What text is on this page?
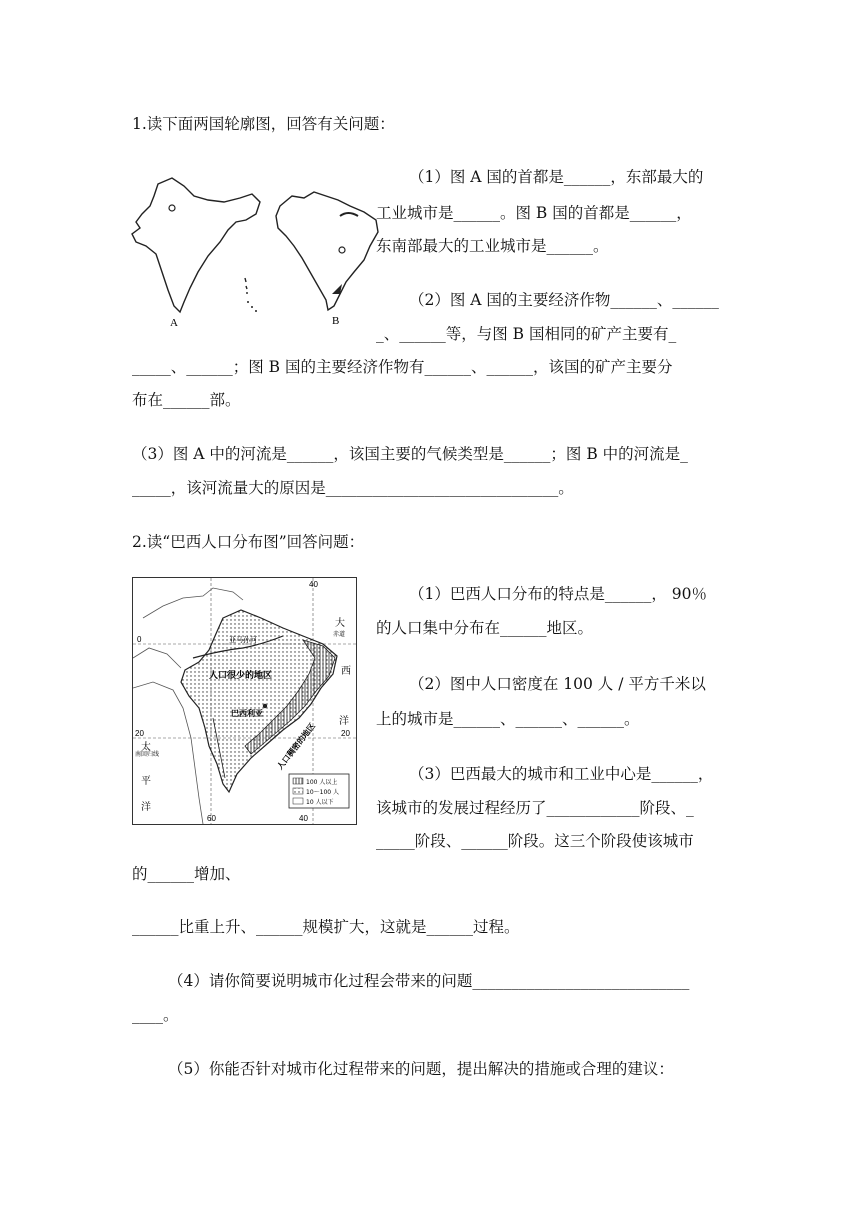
1.读下面两国轮廓图，回答有关问题：

A	B

（1）图 A 国的首都是______，东部最大的

工业城市是______。图 B 国的首都是______，

东南部最大的工业城市是______。

（2）图 A 国的主要经济作物______、______

_、______等，与图 B 国相同的矿产主要有_

_____、______；图 B 国的主要经济作物有______、______，该国的矿产主要分

布在______部。

（3）图 A 中的河流是______，该国主要的气候类型是______；图 B 中的河流是_

_____，该河流量大的原因是______________________________。

2.读“巴西人口分布图”回答问题：

40
0
20	20
60	40
太
平
洋
大
西
洋
赤道
亚马孙河
人口很少的地区
巴西利亚
人口稠密的地区
南回归线
100 人以上
10～100 人
10 人以下

（1）巴西人口分布的特点是______， 90％

的人口集中分布在______地区。

（2）图中人口密度在 100 人 / 平方千米以

上的城市是______、______、______。

（3）巴西最大的城市和工业中心是______，

该城市的发展过程经历了____________阶段、_

_____阶段、______阶段。这三个阶段使该城市

的______增加、

______比重上升、______规模扩大，这就是______过程。

（4）请你简要说明城市化过程会带来的问题____________________________

____。

（5）你能否针对城市化过程带来的问题，提出解决的措施或合理的建议：
